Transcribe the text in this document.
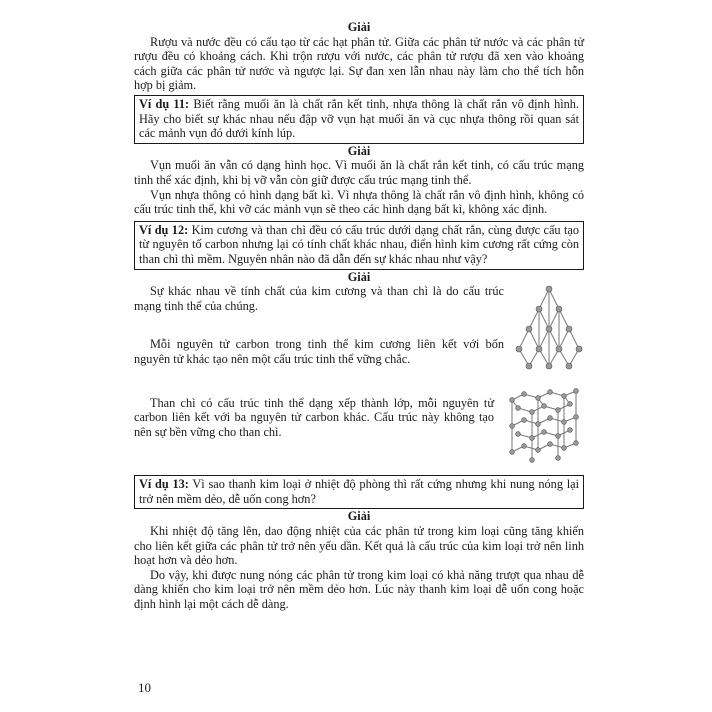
Giải

Rượu và nước đều có cấu tạo từ các hạt phân tử. Giữa các phân tử nước và các phân tử rượu đều có khoảng cách. Khi trộn rượu với nước, các phân tử rượu đã xen vào khoảng cách giữa các phân tử nước và ngược lại. Sự đan xen lẫn nhau này làm cho thể tích hỗn hợp bị giảm.

Ví dụ 11: Biết rằng muối ăn là chất rắn kết tinh, nhựa thông là chất rắn vô định hình. Hãy cho biết sự khác nhau nếu đập vỡ vụn hạt muối ăn và cục nhựa thông rồi quan sát các mảnh vụn đó dưới kính lúp.

Giải

Vụn muối ăn vẫn có dạng hình học. Vì muối ăn là chất rắn kết tinh, có cấu trúc mạng tinh thể xác định, khi bị vỡ vẫn còn giữ được cấu trúc mạng tinh thể.

Vụn nhựa thông có hình dạng bất kì. Vì nhựa thông là chất rắn vô định hình, không có cấu trúc tinh thể, khi vỡ các mảnh vụn sẽ theo các hình dạng bất kì, không xác định.

Ví dụ 12: Kim cương và than chì đều có cấu trúc dưới dạng chất rắn, cùng được cấu tạo từ nguyên tố carbon nhưng lại có tính chất khác nhau, điển hình kim cương rất cứng còn than chì thì mềm. Nguyên nhân nào đã dẫn đến sự khác nhau như vậy?

Giải

Sự khác nhau về tính chất của kim cương và than chì là do cấu trúc mạng tinh thể của chúng.

Mỗi nguyên tử carbon trong tinh thể kim cương liên kết với bốn nguyên tử khác tạo nên một cấu trúc tinh thể vững chắc.

Than chì có cấu trúc tinh thể dạng xếp thành lớp, mỗi nguyên tử carbon liên kết với ba nguyên tử carbon khác. Cấu trúc này không tạo nên sự bền vững cho than chì.

Ví dụ 13: Vì sao thanh kim loại ở nhiệt độ phòng thì rất cứng nhưng khi nung nóng lại trở nên mềm dẻo, dễ uốn cong hơn?

Giải

Khi nhiệt độ tăng lên, dao động nhiệt của các phân tử trong kim loại cũng tăng khiến cho liên kết giữa các phân tử trở nên yếu dần. Kết quả là cấu trúc của kim loại trở nên linh hoạt hơn và dẻo hơn.

Do vậy, khi được nung nóng các phân tử trong kim loại có khả năng trượt qua nhau dễ dàng khiến cho kim loại trở nên mềm dẻo hơn. Lúc này thanh kim loại dễ uốn cong hoặc định hình lại một cách dễ dàng.

10
